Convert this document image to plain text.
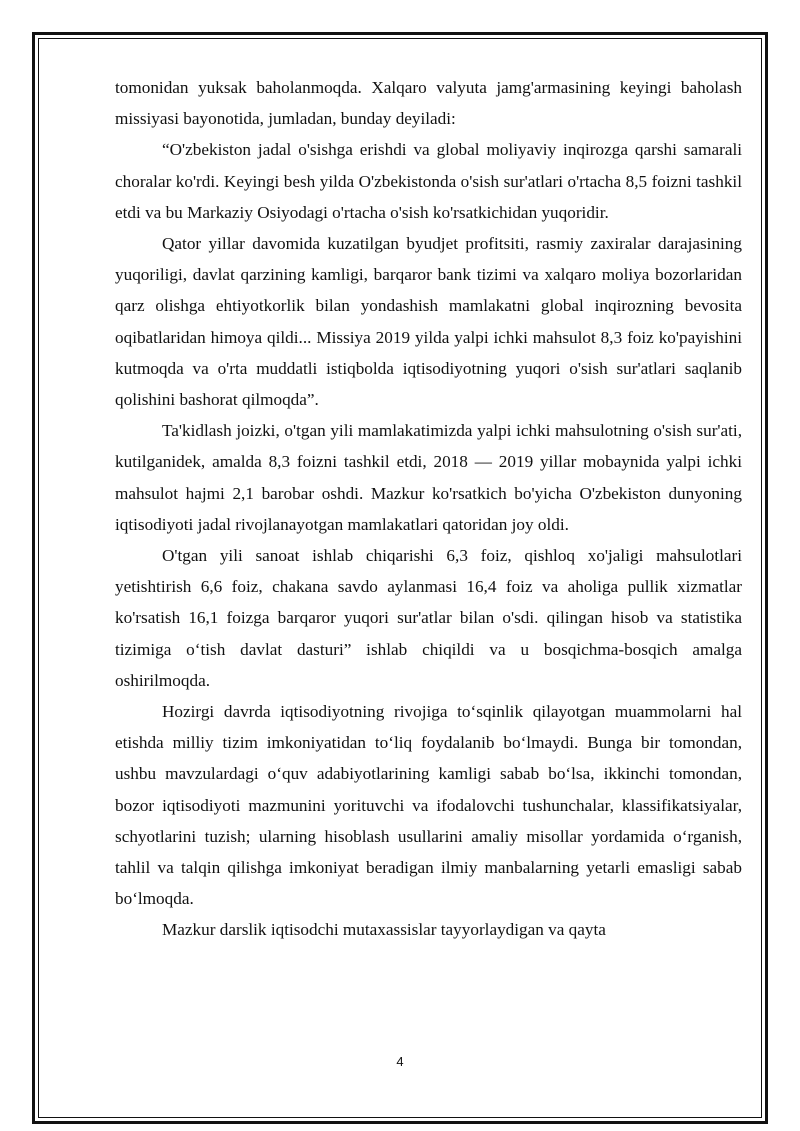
tomonidan yuksak baholanmoqda. Xalqaro valyuta jamg'armasining keyingi baholash missiyasi bayonotida, jumladan, bunday deyiladi:

“O'zbekiston jadal o'sishga erishdi va global moliyaviy inqirozga qarshi samarali choralar ko'rdi. Keyingi besh yilda O'zbekistonda o'sish sur'atlari o'rtacha 8,5 foizni tashkil etdi va bu Markaziy Osiyodagi o'rtacha o'sish ko'rsatkichidan yuqoridir.

Qator yillar davomida kuzatilgan byudjet profitsiti, rasmiy zaxiralar darajasining yuqoriligi, davlat qarzining kamligi, barqaror bank tizimi va xalqaro moliya bozorlaridan qarz olishga ehtiyotkorlik bilan yondashish mamlakatni global inqirozning bevosita oqibatlaridan himoya qildi... Missiya 2019 yilda yalpi ichki mahsulot 8,3 foiz ko'payishini kutmoqda va o'rta muddatli istiqbolda iqtisodiyotning yuqori o'sish sur'atlari saqlanib qolishini bashorat qilmoqda”.

Ta'kidlash joizki, o'tgan yili mamlakatimizda yalpi ichki mahsulotning o'sish sur'ati, kutilganidek, amalda 8,3 foizni tashkil etdi, 2018 — 2019 yillar mobaynida yalpi ichki mahsulot hajmi 2,1 barobar oshdi. Mazkur ko'rsatkich bo'yicha O'zbekiston dunyoning iqtisodiyoti jadal rivojlanayotgan mamlakatlari qatoridan joy oldi.

O'tgan yili sanoat ishlab chiqarishi 6,3 foiz, qishloq xo'jaligi mahsulotlari yetishtirish 6,6 foiz, chakana savdo aylanmasi 16,4 foiz va aholiga pullik xizmatlar ko'rsatish 16,1 foizga barqaror yuqori sur'atlar bilan o'sdi. qilingan hisob va statistika tizimiga o‘tish davlat dasturi” ishlab chiqildi va u bosqichma-bosqich amalga oshirilmoqda.

Hozirgi davrda iqtisodiyotning rivojiga to‘sqinlik qilayotgan muammolarni hal etishda milliy tizim imkoniyatidan to‘liq foydalanib bo‘lmaydi. Bunga bir tomondan, ushbu mavzulardagi o‘quv adabiyotlarining kamligi sabab bo‘lsa, ikkinchi tomondan, bozor iqtisodiyoti mazmunini yorituvchi va ifodalovchi tushunchalar, klassifikatsiyalar, schyotlarini tuzish; ularning hisoblash usullarini amaliy misollar yordamida o‘rganish, tahlil va talqin qilishga imkoniyat beradigan ilmiy manbalarning yetarli emasligi sabab bo‘lmoqda.

Mazkur darslik iqtisodchi mutaxassislar tayyorlaydigan va qayta

4
